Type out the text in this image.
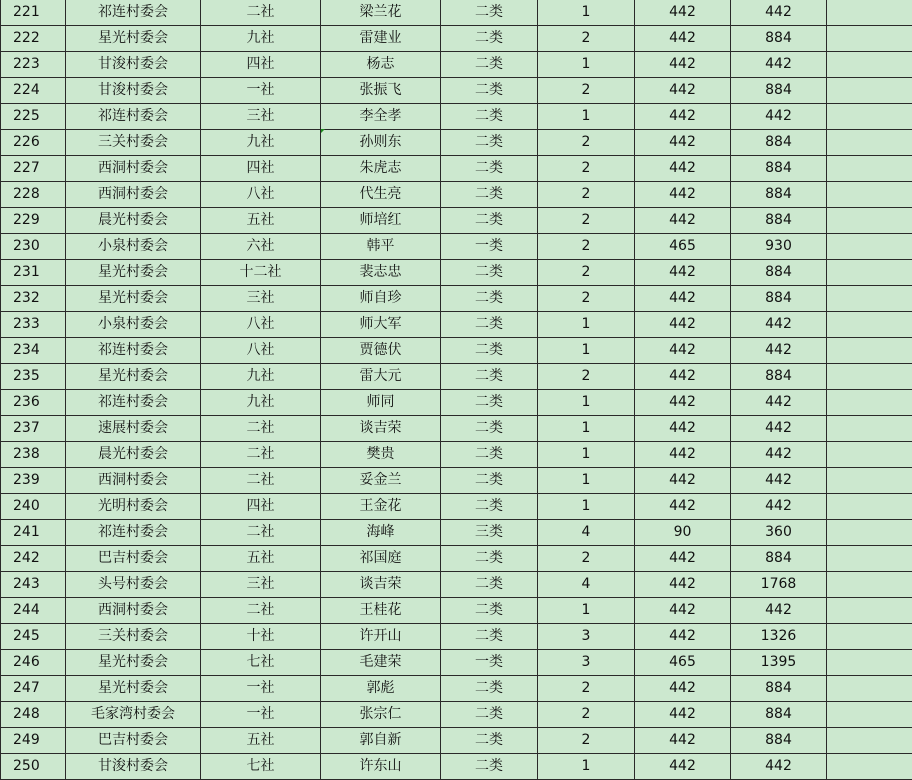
221	祁连村委会	二社	梁兰花	二类	1	442	442	
222	星光村委会	九社	雷建业	二类	2	442	884	
223	甘浚村委会	四社	杨志	二类	1	442	442	
224	甘浚村委会	一社	张振飞	二类	2	442	884	
225	祁连村委会	三社	李全孝	二类	1	442	442	
226	三关村委会	九社	孙则东	二类	2	442	884	
227	西洞村委会	四社	朱虎志	二类	2	442	884	
228	西洞村委会	八社	代生亮	二类	2	442	884	
229	晨光村委会	五社	师培红	二类	2	442	884	
230	小泉村委会	六社	韩平	一类	2	465	930	
231	星光村委会	十二社	裴志忠	二类	2	442	884	
232	星光村委会	三社	师自珍	二类	2	442	884	
233	小泉村委会	八社	师大军	二类	1	442	442	
234	祁连村委会	八社	贾德伏	二类	1	442	442	
235	星光村委会	九社	雷大元	二类	2	442	884	
236	祁连村委会	九社	师同	二类	1	442	442	
237	速展村委会	二社	谈吉荣	二类	1	442	442	
238	晨光村委会	二社	樊贵	二类	1	442	442	
239	西洞村委会	二社	妥金兰	二类	1	442	442	
240	光明村委会	四社	王金花	二类	1	442	442	
241	祁连村委会	二社	海峰	三类	4	90	360	
242	巴吉村委会	五社	祁国庭	二类	2	442	884	
243	头号村委会	三社	谈吉荣	二类	4	442	1768	
244	西洞村委会	二社	王桂花	二类	1	442	442	
245	三关村委会	十社	许开山	二类	3	442	1326	
246	星光村委会	七社	毛建荣	一类	3	465	1395	
247	星光村委会	一社	郭彪	二类	2	442	884	
248	毛家湾村委会	一社	张宗仁	二类	2	442	884	
249	巴吉村委会	五社	郭自新	二类	2	442	884	
250	甘浚村委会	七社	许东山	二类	1	442	442	
